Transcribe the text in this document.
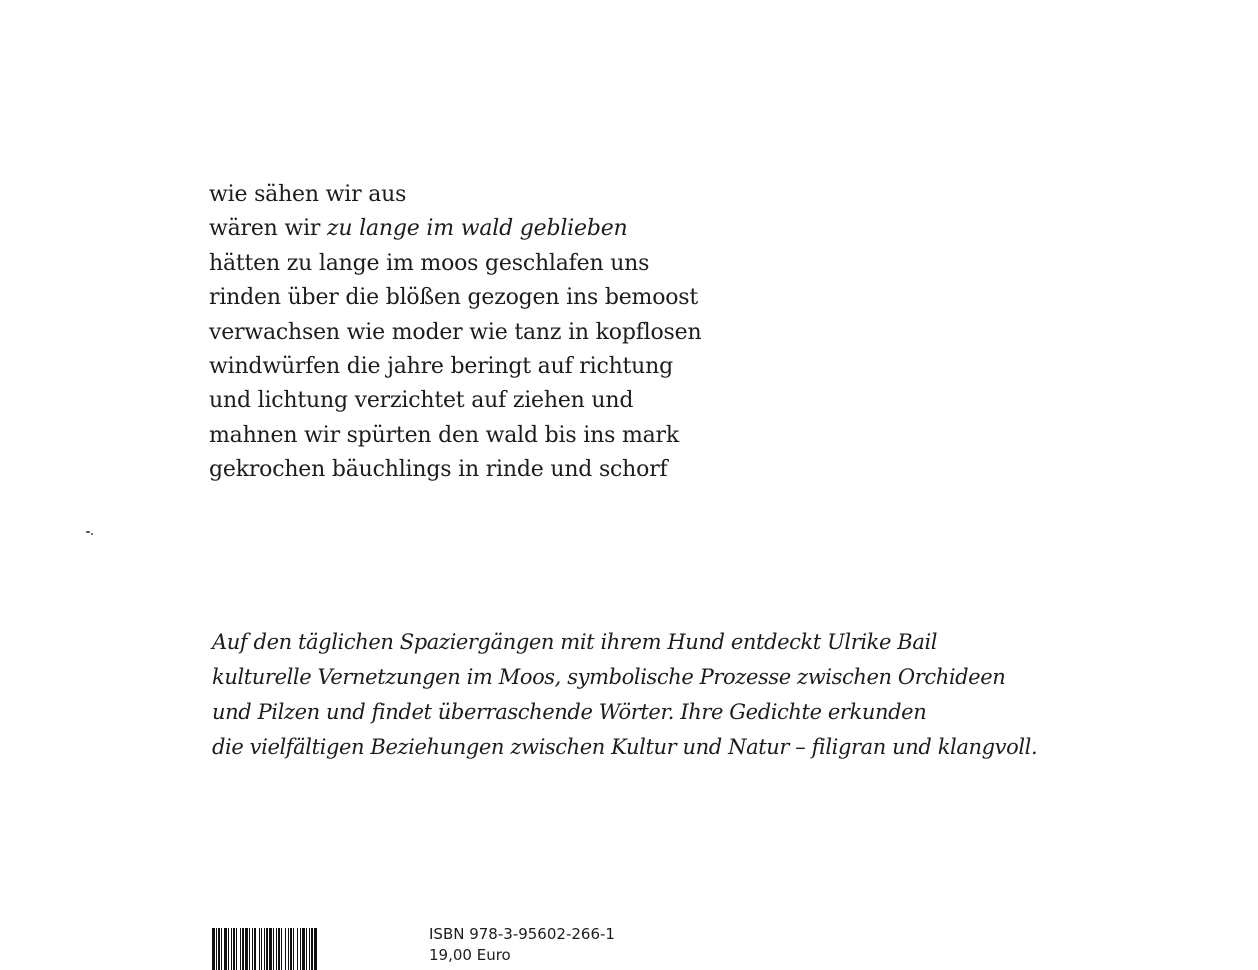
wie sähen wir aus
wären wir zu lange im wald geblieben
hätten zu lange im moos geschlafen uns
rinden über die blößen gezogen ins bemoost
verwachsen wie moder wie tanz in kopflosen
windwürfen die jahre beringt auf richtung
und lichtung verzichtet auf ziehen und
mahnen wir spürten den wald bis ins mark
gekrochen bäuchlings in rinde und schorf
Auf den täglichen Spaziergängen mit ihrem Hund entdeckt Ulrike Bail
kulturelle Vernetzungen im Moos, symbolische Prozesse zwischen Orchideen
und Pilzen und findet überraschende Wörter. Ihre Gedichte erkunden
die vielfältigen Beziehungen zwischen Kultur und Natur – filigran und klangvoll.
ISBN 978-3-95602-266-1
19,00 Euro
